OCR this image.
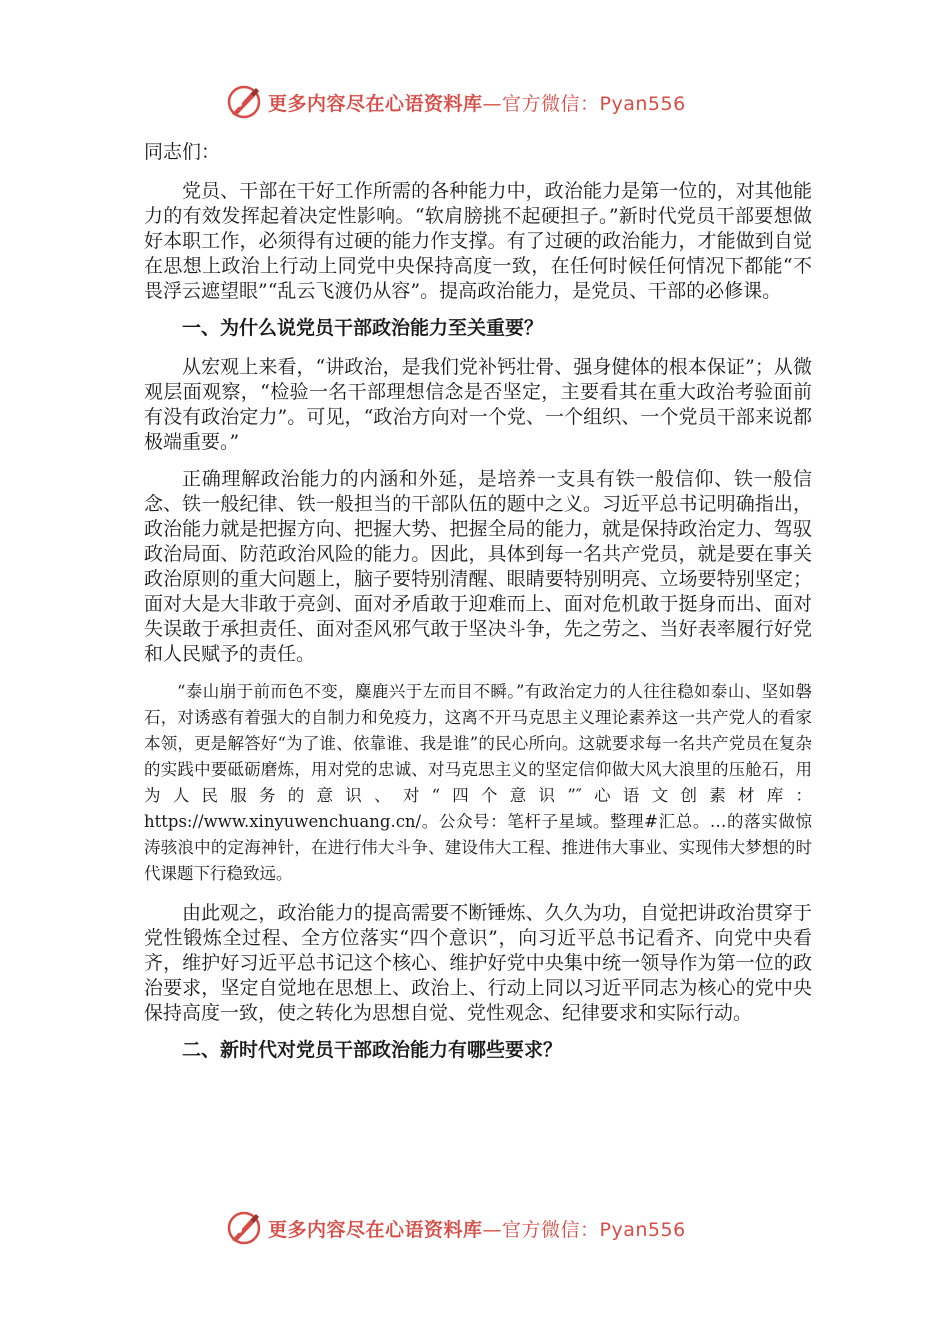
更多内容尽在心语资料库—官方微信：Pyan556

同志们：

党员、干部在干好工作所需的各种能力中，政治能力是第一位的，对其他能力的有效发挥起着决定性影响。“软肩膀挑不起硬担子。”新时代党员干部要想做好本职工作，必须得有过硬的能力作支撑。有了过硬的政治能力，才能做到自觉在思想上政治上行动上同党中央保持高度一致，在任何时候任何情况下都能“不畏浮云遮望眼”“乱云飞渡仍从容”。提高政治能力，是党员、干部的必修课。

一、为什么说党员干部政治能力至关重要？

从宏观上来看，“讲政治，是我们党补钙壮骨、强身健体的根本保证”；从微观层面观察，“检验一名干部理想信念是否坚定，主要看其在重大政治考验面前有没有政治定力”。可见，“政治方向对一个党、一个组织、一个党员干部来说都极端重要。”

正确理解政治能力的内涵和外延，是培养一支具有铁一般信仰、铁一般信念、铁一般纪律、铁一般担当的干部队伍的题中之义。习近平总书记明确指出，政治能力就是把握方向、把握大势、把握全局的能力，就是保持政治定力、驾驭政治局面、防范政治风险的能力。因此，具体到每一名共产党员，就是要在事关政治原则的重大问题上，脑子要特别清醒、眼睛要特别明亮、立场要特别坚定；面对大是大非敢于亮剑、面对矛盾敢于迎难而上、面对危机敢于挺身而出、面对失误敢于承担责任、面对歪风邪气敢于坚决斗争，先之劳之、当好表率履行好党和人民赋予的责任。

“泰山崩于前而色不变，麋鹿兴于左而目不瞬。”有政治定力的人往往稳如泰山、坚如磐石，对诱惑有着强大的自制力和免疫力，这离不开马克思主义理论素养这一共产党人的看家本领，更是解答好“为了谁、依靠谁、我是谁”的民心所向。这就要求每一名共产党员在复杂的实践中要砥砺磨炼，用对党的忠诚、对马克思主义的坚定信仰做大风大浪里的压舱石，用为人民服务的意识、对“四个意识”″心语文创素材库：https://www.xinyuwenchuang.cn/。公众号：笔杆子星域。整理#汇总。…的落实做惊涛骇浪中的定海神针，在进行伟大斗争、建设伟大工程、推进伟大事业、实现伟大梦想的时代课题下行稳致远。

由此观之，政治能力的提高需要不断锤炼、久久为功，自觉把讲政治贯穿于党性锻炼全过程、全方位落实“四个意识”，向习近平总书记看齐、向党中央看齐，维护好习近平总书记这个核心、维护好党中央集中统一领导作为第一位的政治要求，坚定自觉地在思想上、政治上、行动上同以习近平同志为核心的党中央保持高度一致，使之转化为思想自觉、党性观念、纪律要求和实际行动。

二、新时代对党员干部政治能力有哪些要求？

更多内容尽在心语资料库—官方微信：Pyan556
